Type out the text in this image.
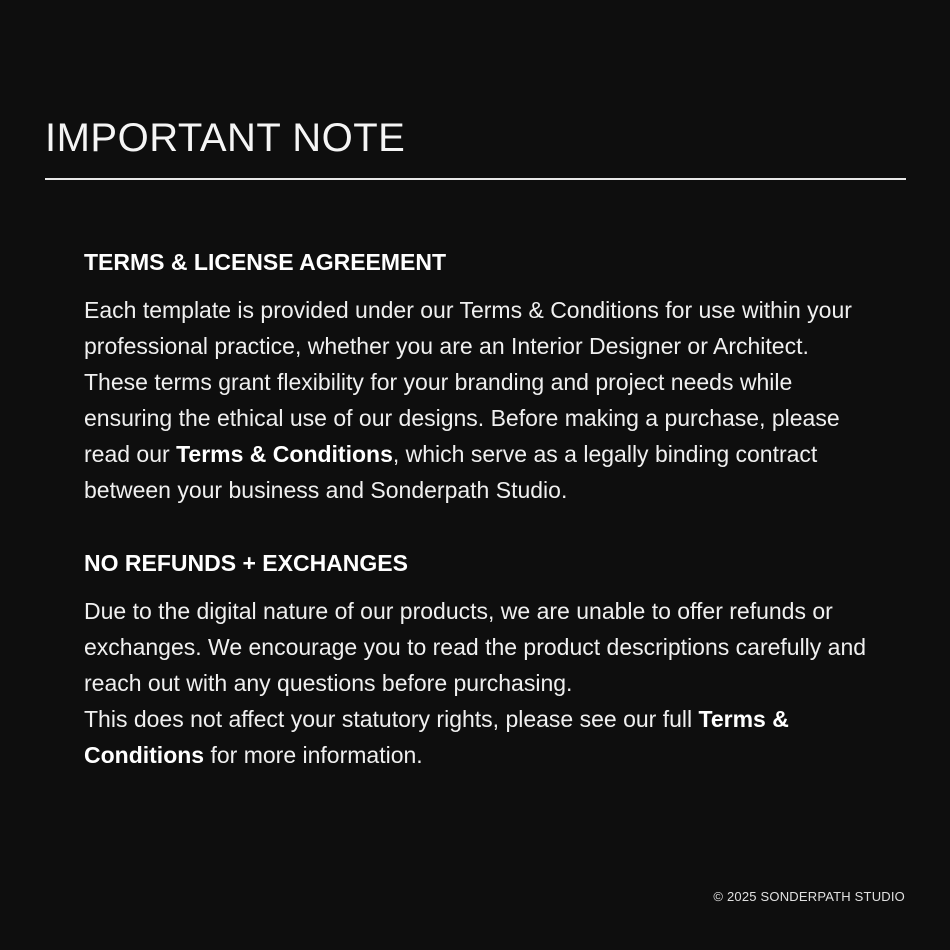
IMPORTANT NOTE
TERMS & LICENSE AGREEMENT

Each template is provided under our Terms & Conditions for use within your professional practice, whether you are an Interior Designer or Architect. These terms grant flexibility for your branding and project needs while ensuring the ethical use of our designs. Before making a purchase, please read our Terms & Conditions, which serve as a legally binding contract between your business and Sonderpath Studio.

NO REFUNDS + EXCHANGES

Due to the digital nature of our products, we are unable to offer refunds or exchanges. We encourage you to read the product descriptions carefully and reach out with any questions before purchasing.
This does not affect your statutory rights, please see our full Terms & Conditions for more information.

© 2025 SONDERPATH STUDIO
